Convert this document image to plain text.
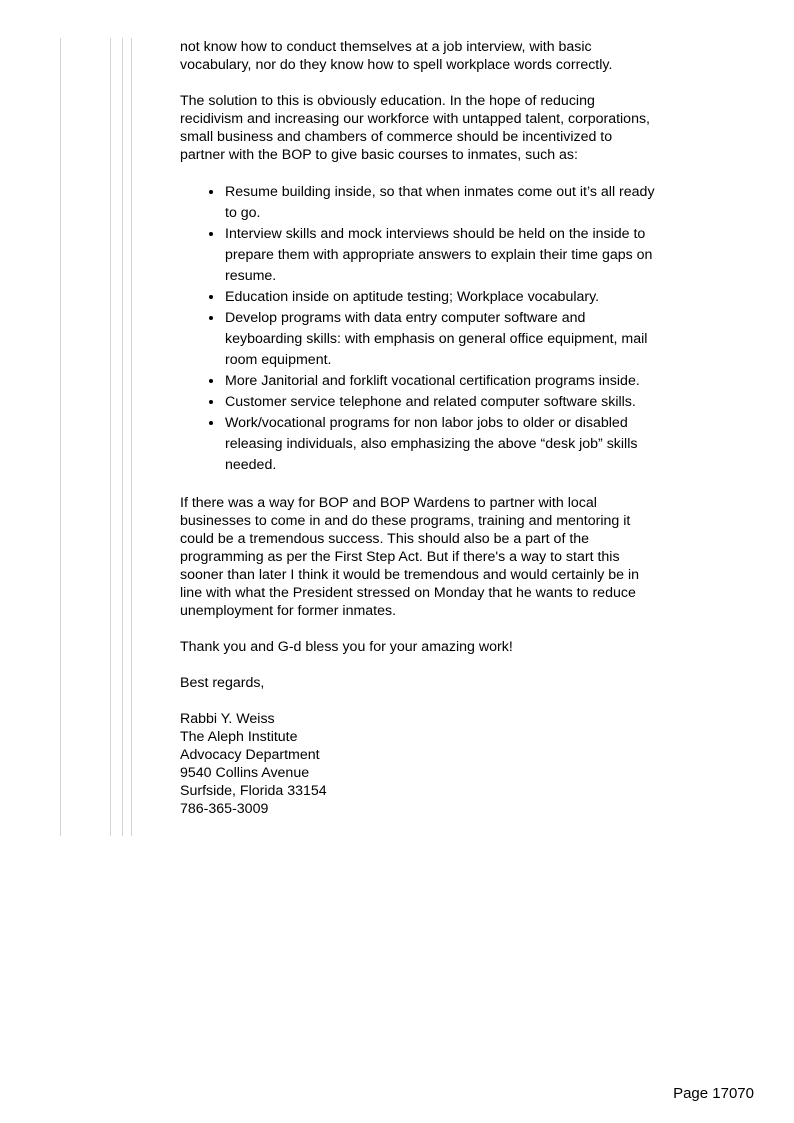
not know how to conduct themselves at a job interview, with basic vocabulary, nor do they know how to spell workplace words correctly.

The solution to this is obviously education. In the hope of reducing recidivism and increasing our workforce with untapped talent, corporations, small business and chambers of commerce should be incentivized to partner with the BOP to give basic courses to inmates, such as:

• Resume building inside, so that when inmates come out it’s all ready to go.
• Interview skills and mock interviews should be held on the inside to prepare them with appropriate answers to explain their time gaps on resume.
• Education inside on aptitude testing; Workplace vocabulary.
• Develop programs with data entry computer software and keyboarding skills: with emphasis on general office equipment, mail room equipment.
• More Janitorial and forklift vocational certification programs inside.
• Customer service telephone and related computer software skills.
• Work/vocational programs for non labor jobs to older or disabled releasing individuals, also emphasizing the above “desk job” skills needed.

If there was a way for BOP and BOP Wardens to partner with local businesses to come in and do these programs, training and mentoring it could be a tremendous success. This should also be a part of the programming as per the First Step Act. But if there's a way to start this sooner than later I think it would be tremendous and would certainly be in line with what the President stressed on Monday that he wants to reduce unemployment for former inmates.

Thank you and G-d bless you for your amazing work!

Best regards,

Rabbi Y. Weiss
The Aleph Institute
Advocacy Department
9540 Collins Avenue
Surfside, Florida 33154
786-365-3009
Page 17070
